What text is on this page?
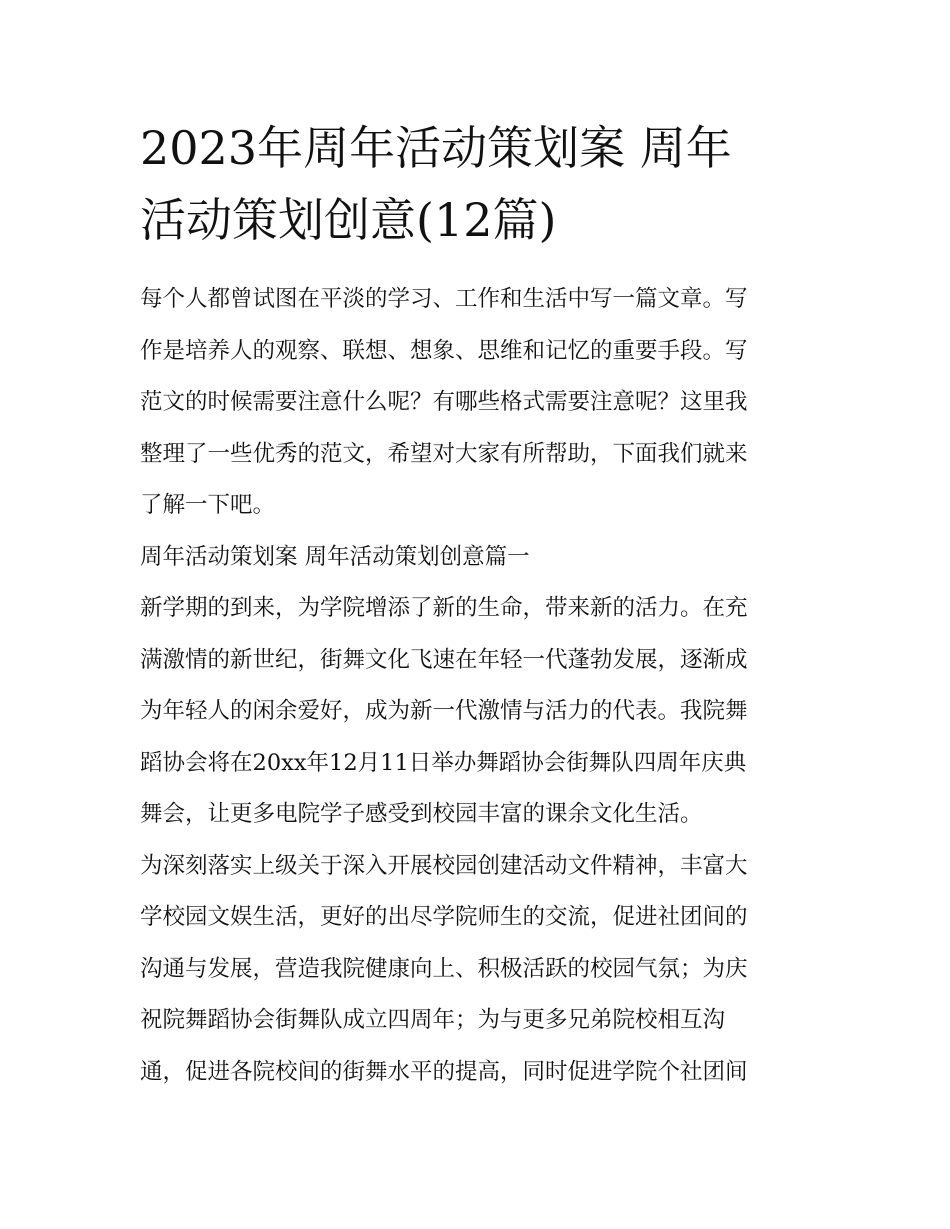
2023年周年活动策划案 周年
活动策划创意(12篇)

每个人都曾试图在平淡的学习、工作和生活中写一篇文章。写
作是培养人的观察、联想、想象、思维和记忆的重要手段。写
范文的时候需要注意什么呢？有哪些格式需要注意呢？这里我
整理了一些优秀的范文，希望对大家有所帮助，下面我们就来
了解一下吧。

周年活动策划案 周年活动策划创意篇一

新学期的到来，为学院增添了新的生命，带来新的活力。在充
满激情的新世纪，街舞文化飞速在年轻一代蓬勃发展，逐渐成
为年轻人的闲余爱好，成为新一代激情与活力的代表。我院舞
蹈协会将在20xx年12月11日举办舞蹈协会街舞队四周年庆典
舞会，让更多电院学子感受到校园丰富的课余文化生活。

为深刻落实上级关于深入开展校园创建活动文件精神，丰富大
学校园文娱生活，更好的出尽学院师生的交流，促进社团间的
沟通与发展，营造我院健康向上、积极活跃的校园气氛；为庆
祝院舞蹈协会街舞队成立四周年；为与更多兄弟院校相互沟
通，促进各院校间的街舞水平的提高，同时促进学院个社团间
